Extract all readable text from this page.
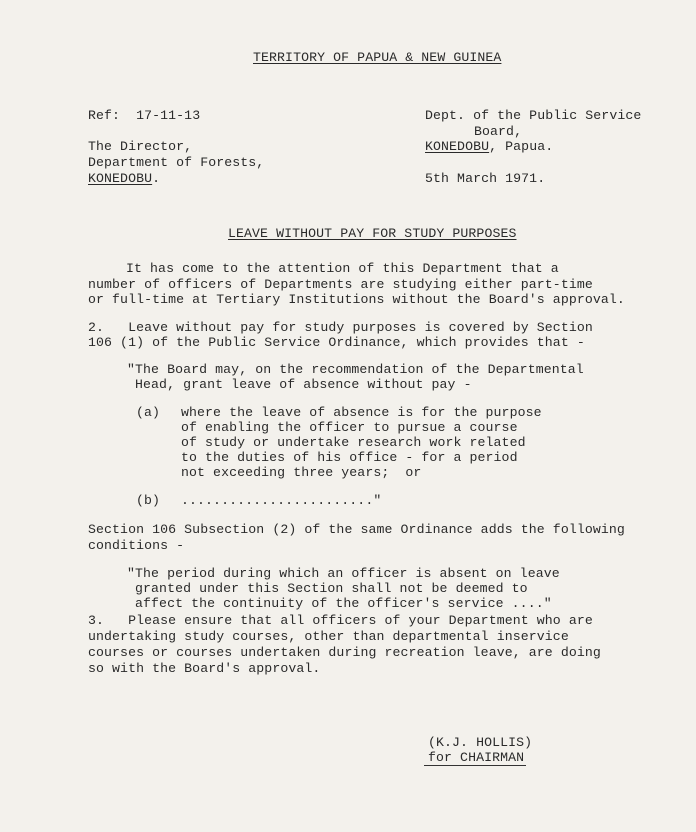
TERRITORY OF PAPUA & NEW GUINEA
Ref: 17-11-13	Dept. of the Public Service
Board,
KONEDOBU, Papua.
5th March 1971.
The Director,
Department of Forests,
KONEDOBU.
LEAVE WITHOUT PAY FOR STUDY PURPOSES
It has come to the attention of this Department that a
number of officers of Departments are studying either part-time
or full-time at Tertiary Institutions without the Board's approval.
2.   Leave without pay for study purposes is covered by Section
106 (1) of the Public Service Ordinance, which provides that -
"The Board may, on the recommendation of the Departmental
Head, grant leave of absence without pay -
(a) where the leave of absence is for the purpose
of enabling the officer to pursue a course
of study or undertake research work related
to the duties of his office - for a period
not exceeding three years;  or
(b) ........................"
Section 106 Subsection (2) of the same Ordinance adds the following
conditions -
"The period during which an officer is absent on leave
granted under this Section shall not be deemed to
affect the continuity of the officer's service ...."
3.   Please ensure that all officers of your Department who are
undertaking study courses, other than departmental inservice
courses or courses undertaken during recreation leave, are doing
so with the Board's approval.
(K.J. HOLLIS)
for CHAIRMAN
